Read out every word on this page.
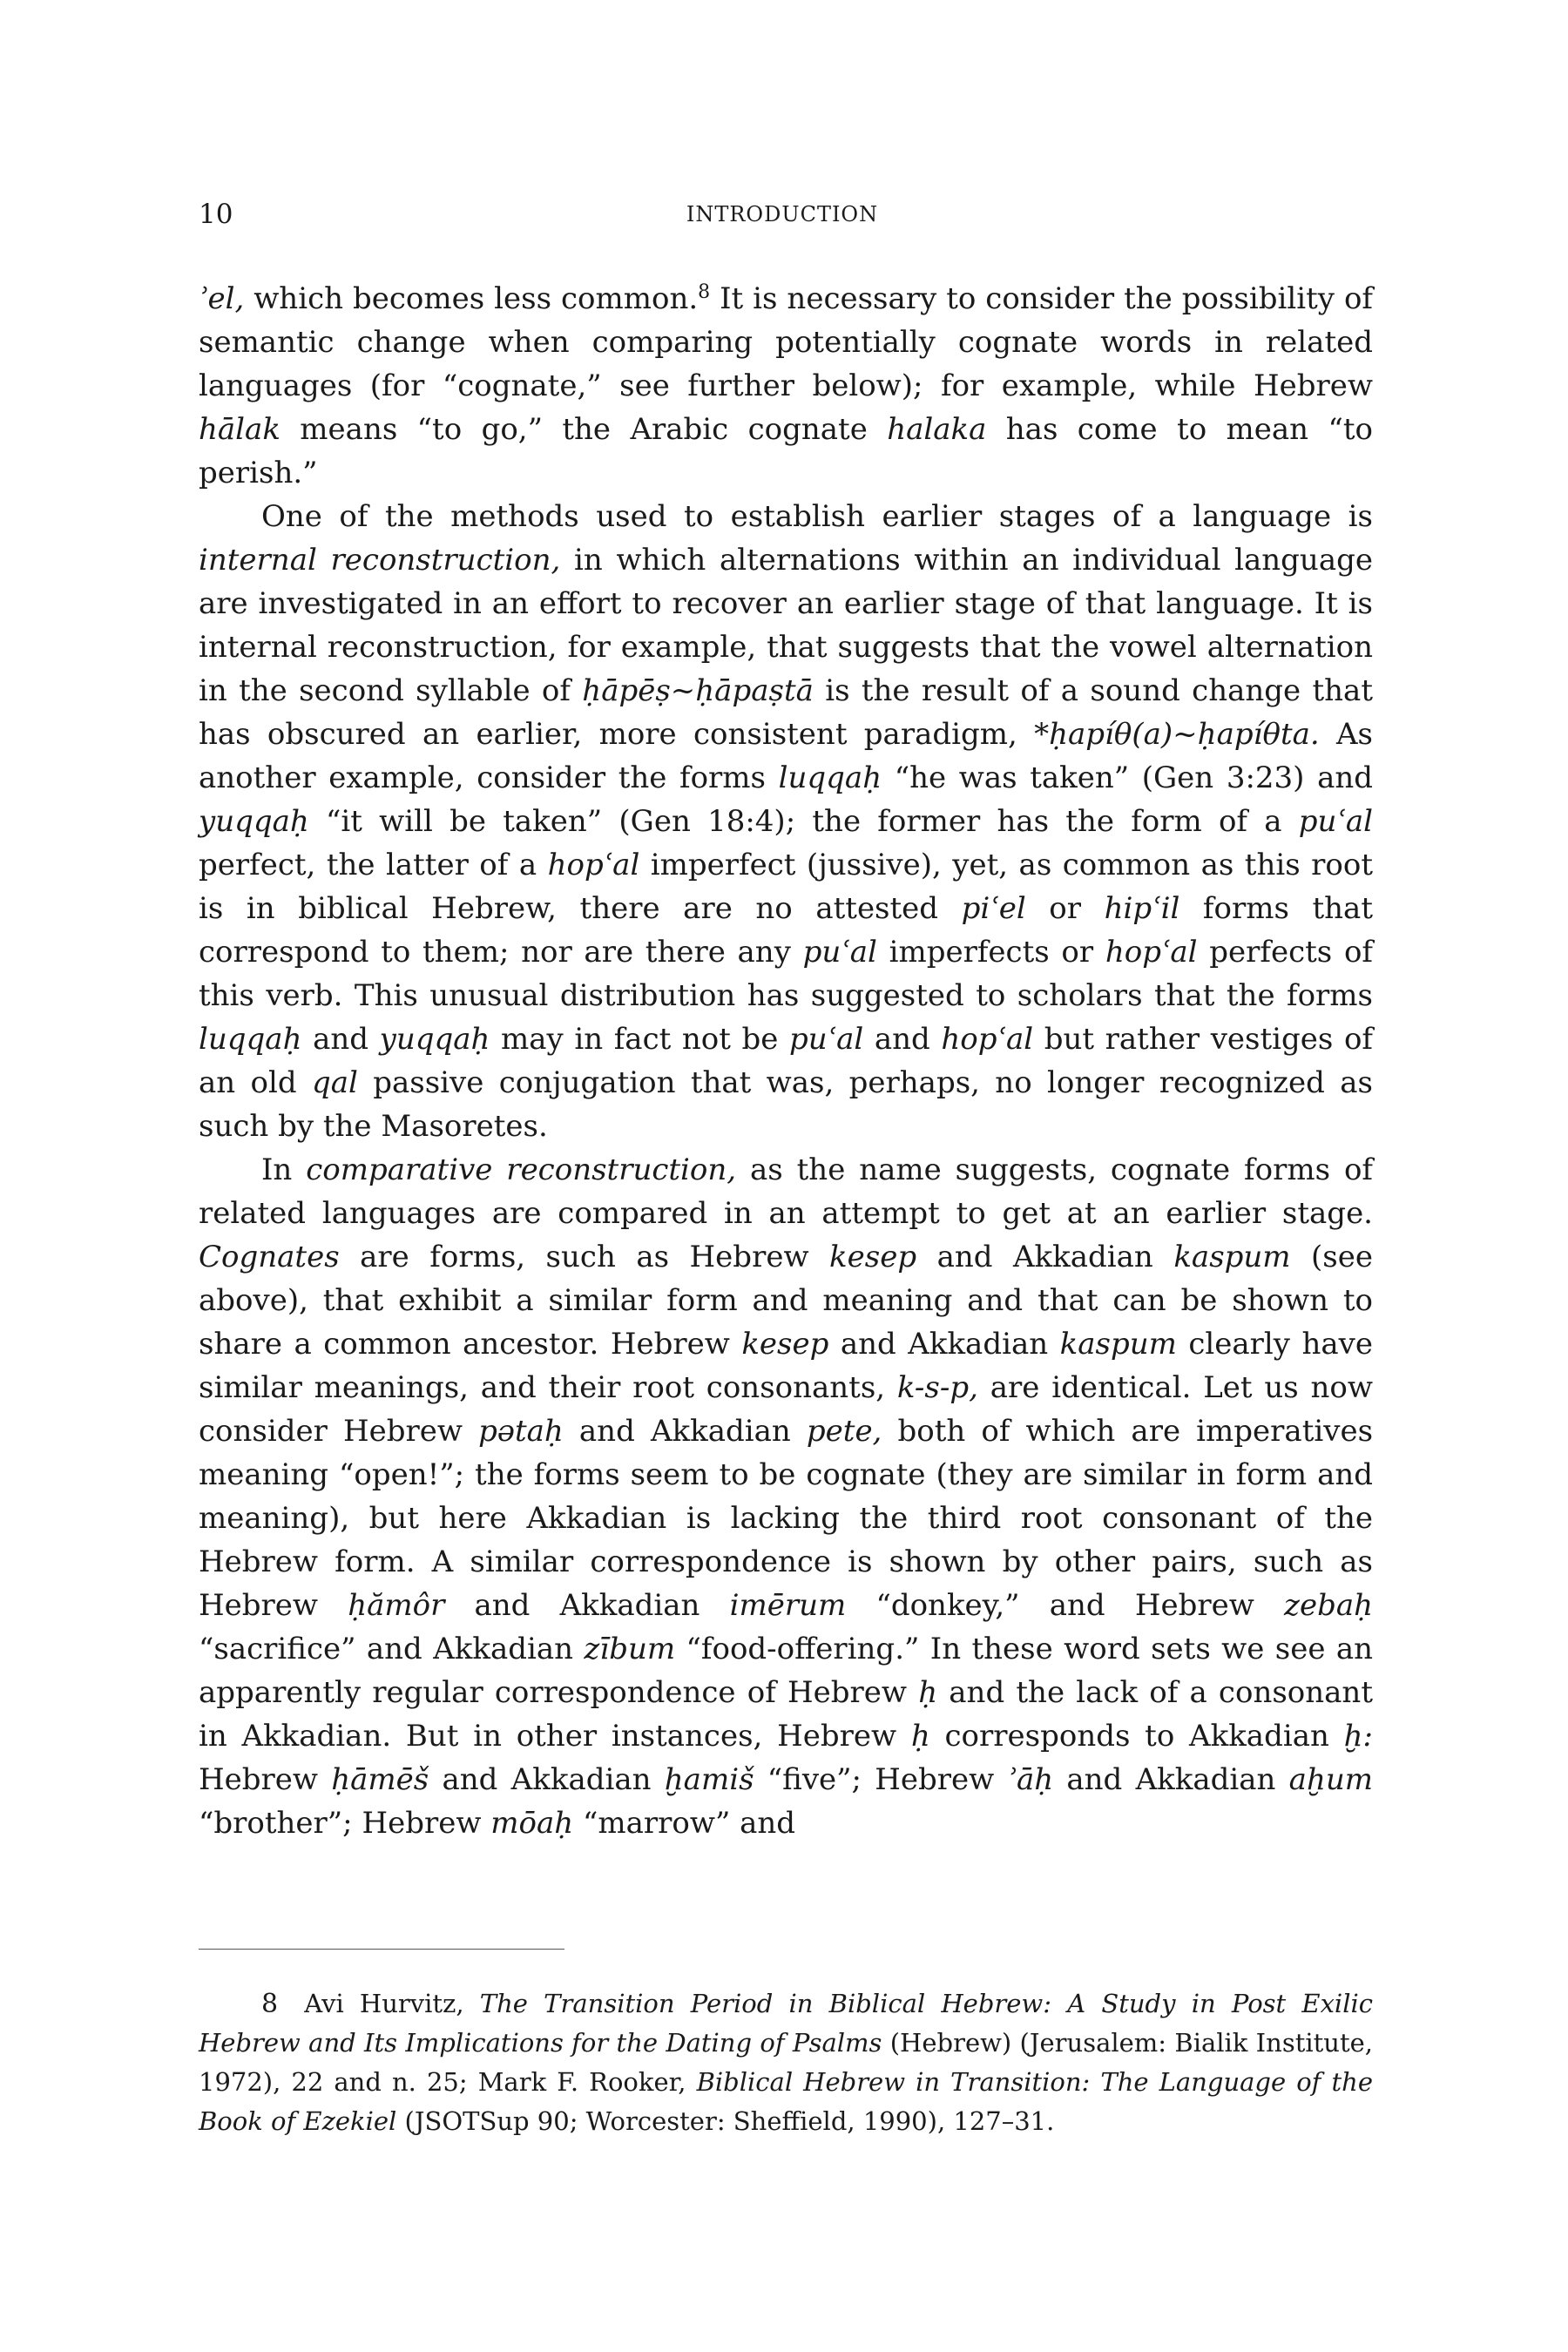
10	INTRODUCTION

ʾel, which becomes less common.$^8$ It is necessary to consider the possibility of semantic change when comparing potentially cognate words in related languages (for “cognate,” see further below); for example, while Hebrew hālak means “to go,” the Arabic cognate halaka has come to mean “to perish.”

One of the methods used to establish earlier stages of a language is internal reconstruction, in which alternations within an individual language are investigated in an effort to recover an earlier stage of that language. It is internal reconstruction, for example, that suggests that the vowel alternation in the second syllable of ḥāpēṣ~ḥāpaṣtā is the result of a sound change that has obscured an earlier, more consistent paradigm, *ḥapíθ(a)~ḥapíθta. As another example, consider the forms luqqaḥ “he was taken” (Gen 3:23) and yuqqaḥ “it will be taken” (Gen 18:4); the former has the form of a puʿal perfect, the latter of a hopʿal imperfect (jussive), yet, as common as this root is in biblical Hebrew, there are no attested piʿel or hipʿil forms that correspond to them; nor are there any puʿal imperfects or hopʿal perfects of this verb. This unusual distribution has suggested to scholars that the forms luqqaḥ and yuqqaḥ may in fact not be puʿal and hopʿal but rather vestiges of an old qal passive conjugation that was, perhaps, no longer recognized as such by the Masoretes.

In comparative reconstruction, as the name suggests, cognate forms of related languages are compared in an attempt to get at an earlier stage. Cognates are forms, such as Hebrew kesep and Akkadian kaspum (see above), that exhibit a similar form and meaning and that can be shown to share a common ancestor. Hebrew kesep and Akkadian kaspum clearly have similar meanings, and their root consonants, k-s-p, are identical. Let us now consider Hebrew pətaḥ and Akkadian pete, both of which are imperatives meaning “open!”; the forms seem to be cognate (they are similar in form and meaning), but here Akkadian is lacking the third root consonant of the Hebrew form. A similar correspondence is shown by other pairs, such as Hebrew ḥămôr and Akkadian imērum “donkey,” and Hebrew zebaḥ “sacrifice” and Akkadian zībum “food-offering.” In these word sets we see an apparently regular correspondence of Hebrew ḥ and the lack of a consonant in Akkadian. But in other instances, Hebrew ḥ corresponds to Akkadian ḫ: Hebrew ḥāmēš and Akkadian ḫamiš “five”; Hebrew ʾāḥ and Akkadian aḫum “brother”; Hebrew mōaḥ “marrow” and

8 Avi Hurvitz, The Transition Period in Biblical Hebrew: A Study in Post Exilic Hebrew and Its Implications for the Dating of Psalms (Hebrew) (Jerusalem: Bialik Institute, 1972), 22 and n. 25; Mark F. Rooker, Biblical Hebrew in Transition: The Language of the Book of Ezekiel (JSOTSup 90; Worcester: Sheffield, 1990), 127–31.
